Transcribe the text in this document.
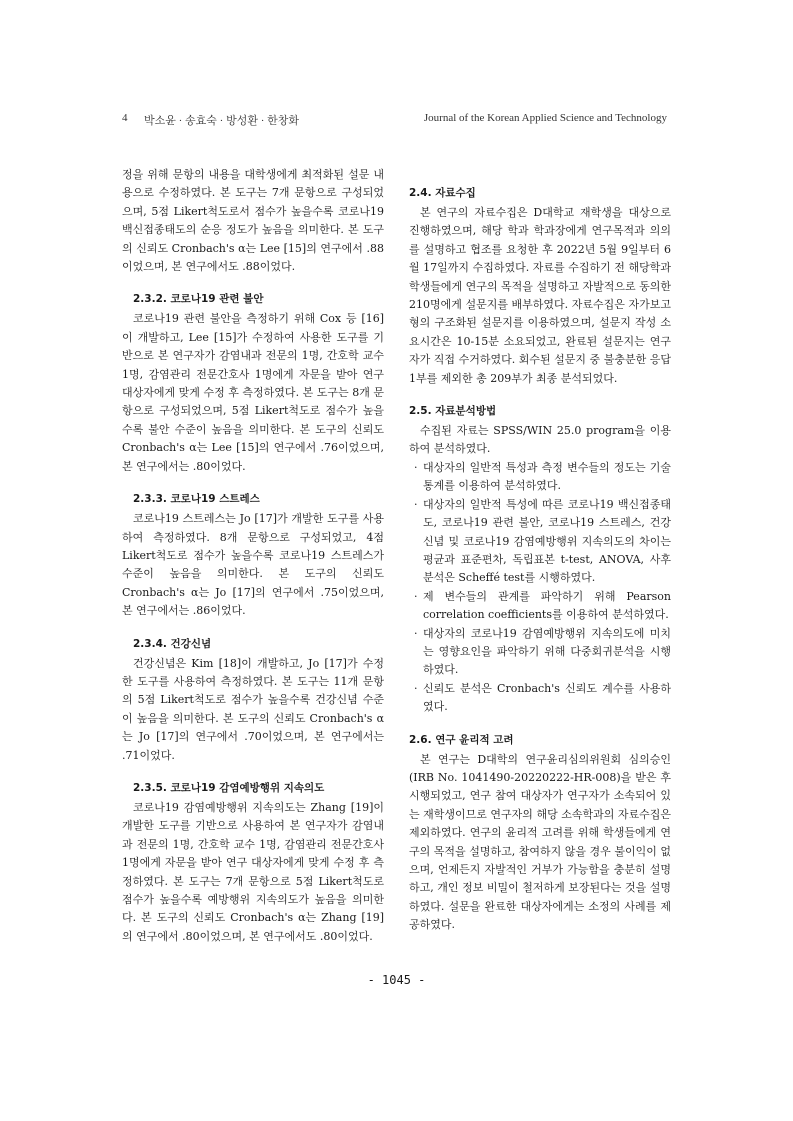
4 박소윤 · 송효숙 · 방성환 · 한창화	Journal of the Korean Applied Science and Technology

정을 위해 문항의 내용을 대학생에게 최적화된 설문 내용으로 수정하였다. 본 도구는 7개 문항으로 구성되었으며, 5점 Likert척도로서 점수가 높을수록 코로나19 백신접종태도의 순응 정도가 높음을 의미한다. 본 도구의 신뢰도 Cronbach's α는 Lee [15]의 연구에서 .88이었으며, 본 연구에서도 .88이었다.

2.3.2. 코로나19 관련 불안

코로나19 관련 불안을 측정하기 위해 Cox 등 [16]이 개발하고, Lee [15]가 수정하여 사용한 도구를 기반으로 본 연구자가 감염내과 전문의 1명, 간호학 교수 1명, 감염관리 전문간호사 1명에게 자문을 받아 연구 대상자에게 맞게 수정 후 측정하였다. 본 도구는 8개 문항으로 구성되었으며, 5점 Likert척도로 점수가 높을수록 불안 수준이 높음을 의미한다. 본 도구의 신뢰도 Cronbach's α는 Lee [15]의 연구에서 .76이었으며, 본 연구에서는 .80이었다.

2.3.3. 코로나19 스트레스

코로나19 스트레스는 Jo [17]가 개발한 도구를 사용하여 측정하였다. 8개 문항으로 구성되었고, 4점 Likert척도로 점수가 높을수록 코로나19 스트레스가 수준이 높음을 의미한다. 본 도구의 신뢰도 Cronbach's α는 Jo [17]의 연구에서 .75이었으며, 본 연구에서는 .86이었다.

2.3.4. 건강신념

건강신념은 Kim [18]이 개발하고, Jo [17]가 수정한 도구를 사용하여 측정하였다. 본 도구는 11개 문항의 5점 Likert척도로 점수가 높을수록 건강신념 수준이 높음을 의미한다. 본 도구의 신뢰도 Cronbach's α는 Jo [17]의 연구에서 .70이었으며, 본 연구에서는 .71이었다.

2.3.5. 코로나19 감염예방행위 지속의도

코로나19 감염예방행위 지속의도는 Zhang [19]이 개발한 도구를 기반으로 사용하여 본 연구자가 감염내과 전문의 1명, 간호학 교수 1명, 감염관리 전문간호사 1명에게 자문을 받아 연구 대상자에게 맞게 수정 후 측정하였다. 본 도구는 7개 문항으로 5점 Likert척도로 점수가 높을수록 예방행위 지속의도가 높음을 의미한다. 본 도구의 신뢰도 Cronbach's α는 Zhang [19]의 연구에서 .80이었으며, 본 연구에서도 .80이었다.

2.4. 자료수집

본 연구의 자료수집은 D대학교 재학생을 대상으로 진행하였으며, 해당 학과 학과장에게 연구목적과 의의를 설명하고 협조를 요청한 후 2022년 5월 9일부터 6월 17일까지 수집하였다. 자료를 수집하기 전 해당학과 학생들에게 연구의 목적을 설명하고 자발적으로 동의한 210명에게 설문지를 배부하였다. 자료수집은 자가보고형의 구조화된 설문지를 이용하였으며, 설문지 작성 소요시간은 10-15분 소요되었고, 완료된 설문지는 연구자가 직접 수거하였다. 회수된 설문지 중 불충분한 응답 1부를 제외한 총 209부가 최종 분석되었다.

2.5. 자료분석방법

수집된 자료는 SPSS/WIN 25.0 program을 이용하여 분석하였다.

· 대상자의 일반적 특성과 측정 변수들의 정도는 기술통계를 이용하여 분석하였다.
· 대상자의 일반적 특성에 따른 코로나19 백신접종태도, 코로나19 관련 불안, 코로나19 스트레스, 건강신념 및 코로나19 감염예방행위 지속의도의 차이는 평균과 표준편차, 독립표본 t-test, ANOVA, 사후 분석은 Scheffé test를 시행하였다.
· 제 변수들의 관계를 파악하기 위해 Pearson correlation coefficients를 이용하여 분석하였다.
· 대상자의 코로나19 감염예방행위 지속의도에 미치는 영향요인을 파악하기 위해 다중회귀분석을 시행하였다.
· 신뢰도 분석은 Cronbach's 신뢰도 계수를 사용하였다.
2.6. 연구 윤리적 고려

본 연구는 D대학의 연구윤리심의위원회 심의승인(IRB No. 1041490-20220222-HR-008)을 받은 후 시행되었고, 연구 참여 대상자가 연구자가 소속되어 있는 재학생이므로 연구자의 해당 소속학과의 자료수집은 제외하였다. 연구의 윤리적 고려를 위해 학생들에게 연구의 목적을 설명하고, 참여하지 않을 경우 불이익이 없으며, 언제든지 자발적인 거부가 가능함을 충분히 설명하고, 개인 정보 비밀이 철저하게 보장된다는 것을 설명하였다. 설문을 완료한 대상자에게는 소정의 사례를 제공하였다.

- 1045 -
